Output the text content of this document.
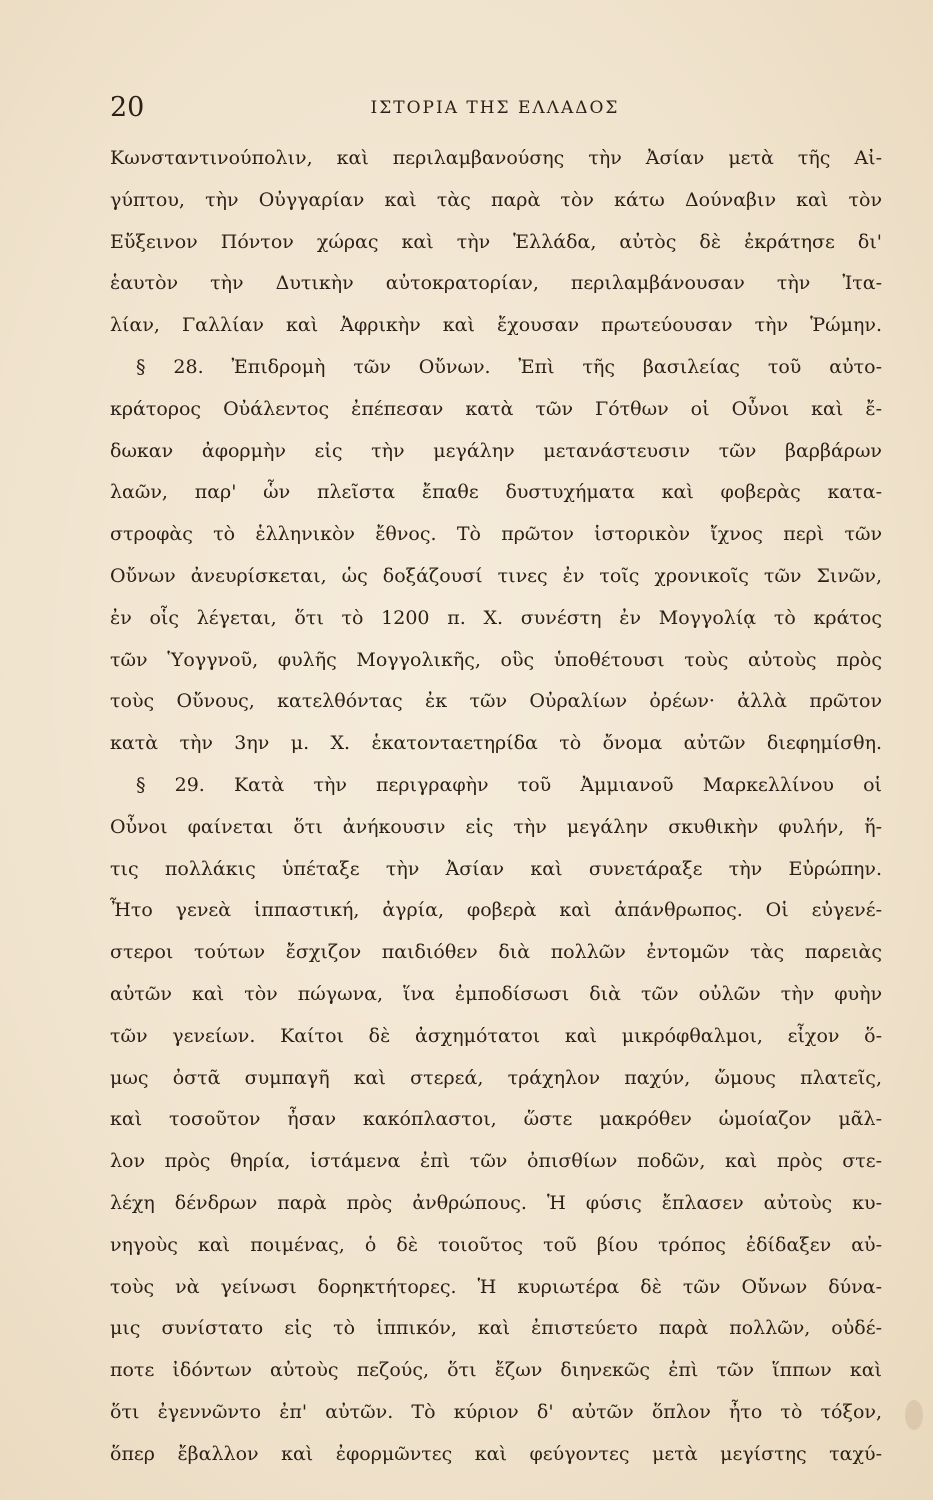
20	ΙΣΤΟΡΙΑ ΤΗΣ ΕΛΛΑΔΟΣ
Κωνσταντινούπολιν, καὶ περιλαμβανούσης τὴν Ἀσίαν μετὰ τῆς Αἰ-
γύπτου, τὴν Οὐγγαρίαν καὶ τὰς παρὰ τὸν κάτω Δούναβιν καὶ τὸν
Εὔξεινον Πόντον χώρας καὶ τὴν Ἑλλάδα, αὐτὸς δὲ ἐκράτησε δι'
ἑαυτὸν τὴν Δυτικὴν αὐτοκρατορίαν, περιλαμβάνουσαν τὴν Ἰτα-
λίαν, Γαλλίαν καὶ Ἀφρικὴν καὶ ἔχουσαν πρωτεύουσαν τὴν Ῥώμην.
§ 28. Ἐπιδρομὴ τῶν Οὔνων. Ἐπὶ τῆς βασιλείας τοῦ αὐτο-
κράτορος Οὐάλεντος ἐπέπεσαν κατὰ τῶν Γότθων οἱ Οὖνοι καὶ ἔ-
δωκαν ἀφορμὴν εἰς τὴν μεγάλην μετανάστευσιν τῶν βαρβάρων
λαῶν, παρ' ὧν πλεῖστα ἔπαθε δυστυχήματα καὶ φοβερὰς κατα-
στροφὰς τὸ ἑλληνικὸν ἔθνος. Τὸ πρῶτον ἱστορικὸν ἴχνος περὶ τῶν
Οὔνων ἀνευρίσκεται, ὡς δοξάζουσί τινες ἐν τοῖς χρονικοῖς τῶν Σινῶν,
ἐν οἷς λέγεται, ὅτι τὸ 1200 π. Χ. συνέστη ἐν Μογγολίᾳ τὸ κράτος
τῶν Ὑογγνοῦ, φυλῆς Μογγολικῆς, οὓς ὑποθέτουσι τοὺς αὐτοὺς πρὸς
τοὺς Οὔνους, κατελθόντας ἐκ τῶν Οὐραλίων ὀρέων· ἀλλὰ πρῶτον
κατὰ τὴν 3ην μ. Χ. ἑκατονταετηρίδα τὸ ὄνομα αὐτῶν διεφημίσθη.
§ 29. Κατὰ τὴν περιγραφὴν τοῦ Ἀμμιανοῦ Μαρκελλίνου οἱ
Οὖνοι φαίνεται ὅτι ἀνήκουσιν εἰς τὴν μεγάλην σκυθικὴν φυλήν, ἥ-
τις πολλάκις ὑπέταξε τὴν Ἀσίαν καὶ συνετάραξε τὴν Εὐρώπην.
Ἦτο γενεὰ ἱππαστική, ἀγρία, φοβερὰ καὶ ἀπάνθρωπος. Οἱ εὐγενέ-
στεροι τούτων ἔσχιζον παιδιόθεν διὰ πολλῶν ἐντομῶν τὰς παρειὰς
αὐτῶν καὶ τὸν πώγωνα, ἵνα ἐμποδίσωσι διὰ τῶν οὐλῶν τὴν φυὴν
τῶν γενείων. Καίτοι δὲ ἀσχημότατοι καὶ μικρόφθαλμοι, εἶχον ὅ-
μως ὀστᾶ συμπαγῆ καὶ στερεά, τράχηλον παχύν, ὤμους πλατεῖς,
καὶ τοσοῦτον ἦσαν κακόπλαστοι, ὥστε μακρόθεν ὡμοίαζον μᾶλ-
λον πρὸς θηρία, ἱστάμενα ἐπὶ τῶν ὀπισθίων ποδῶν, καὶ πρὸς στε-
λέχη δένδρων παρὰ πρὸς ἀνθρώπους. Ἡ φύσις ἔπλασεν αὐτοὺς κυ-
νηγοὺς καὶ ποιμένας, ὁ δὲ τοιοῦτος τοῦ βίου τρόπος ἐδίδαξεν αὐ-
τοὺς νὰ γείνωσι δορηκτήτορες. Ἡ κυριωτέρα δὲ τῶν Οὔνων δύνα-
μις συνίστατο εἰς τὸ ἱππικόν, καὶ ἐπιστεύετο παρὰ πολλῶν, οὐδέ-
ποτε ἰδόντων αὐτοὺς πεζούς, ὅτι ἔζων διηνεκῶς ἐπὶ τῶν ἵππων καὶ
ὅτι ἐγεννῶντο ἐπ' αὐτῶν. Τὸ κύριον δ' αὐτῶν ὅπλον ἦτο τὸ τόξον,
ὅπερ ἔβαλλον καὶ ἐφορμῶντες καὶ φεύγοντες μετὰ μεγίστης ταχύ-
